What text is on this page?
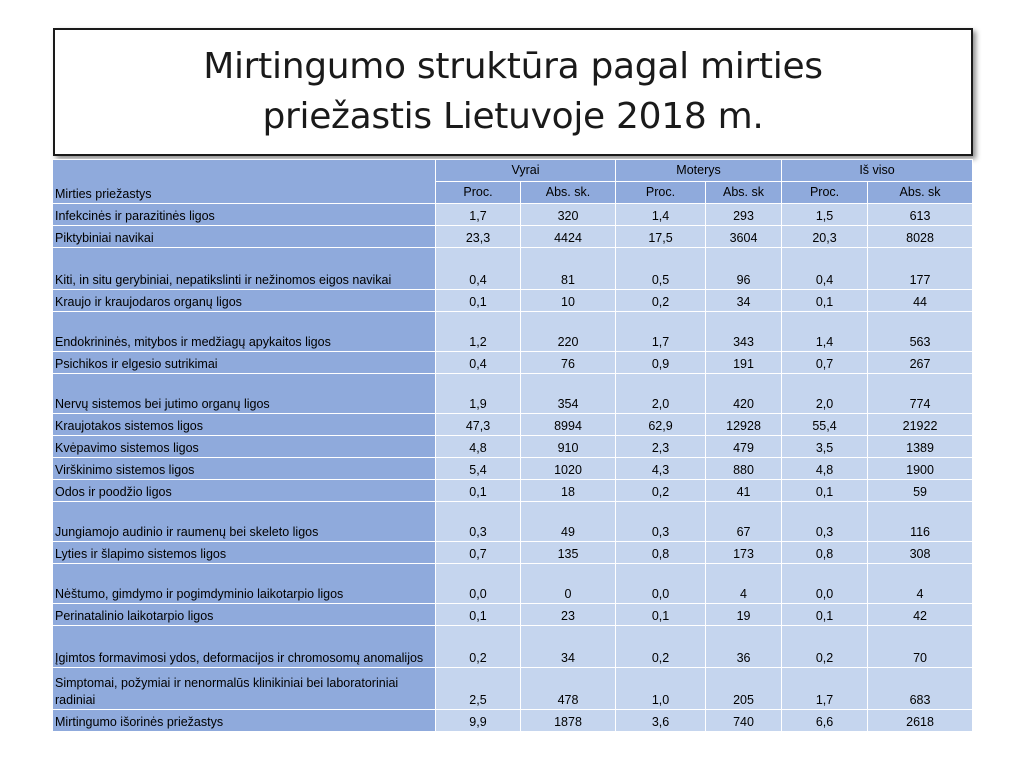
Mirtingumo struktūra pagal mirties
priežastis Lietuvoje 2018 m.
Mirties priežastys	Vyrai		Moterys		Iš viso	
	Proc.	Abs. sk.	Proc.	Abs. sk	Proc.	Abs. sk
Infekcinės ir parazitinės ligos	1,7	320	1,4	293	1,5	613
Piktybiniai navikai	23,3	4424	17,5	3604	20,3	8028
Kiti, in situ gerybiniai, nepatikslinti ir nežinomos eigos navikai	0,4	81	0,5	96	0,4	177
Kraujo ir kraujodaros organų ligos	0,1	10	0,2	34	0,1	44
Endokrininės, mitybos ir medžiagų apykaitos ligos	1,2	220	1,7	343	1,4	563
Psichikos ir elgesio sutrikimai	0,4	76	0,9	191	0,7	267
Nervų sistemos bei jutimo organų ligos	1,9	354	2,0	420	2,0	774
Kraujotakos sistemos ligos	47,3	8994	62,9	12928	55,4	21922
Kvėpavimo sistemos ligos	4,8	910	2,3	479	3,5	1389
Virškinimo sistemos ligos	5,4	1020	4,3	880	4,8	1900
Odos ir poodžio ligos	0,1	18	0,2	41	0,1	59
Jungiamojo audinio ir raumenų bei skeleto ligos	0,3	49	0,3	67	0,3	116
Lyties ir šlapimo sistemos ligos	0,7	135	0,8	173	0,8	308
Nėštumo, gimdymo ir pogimdyminio laikotarpio ligos	0,0	0	0,0	4	0,0	4
Perinatalinio laikotarpio ligos	0,1	23	0,1	19	0,1	42
Įgimtos formavimosi ydos, deformacijos ir chromosomų anomalijos	0,2	34	0,2	36	0,2	70
Simptomai, požymiai ir nenormalūs klinikiniai bei laboratoriniai radiniai	2,5	478	1,0	205	1,7	683
Mirtingumo išorinės priežastys	9,9	1878	3,6	740	6,6	2618
